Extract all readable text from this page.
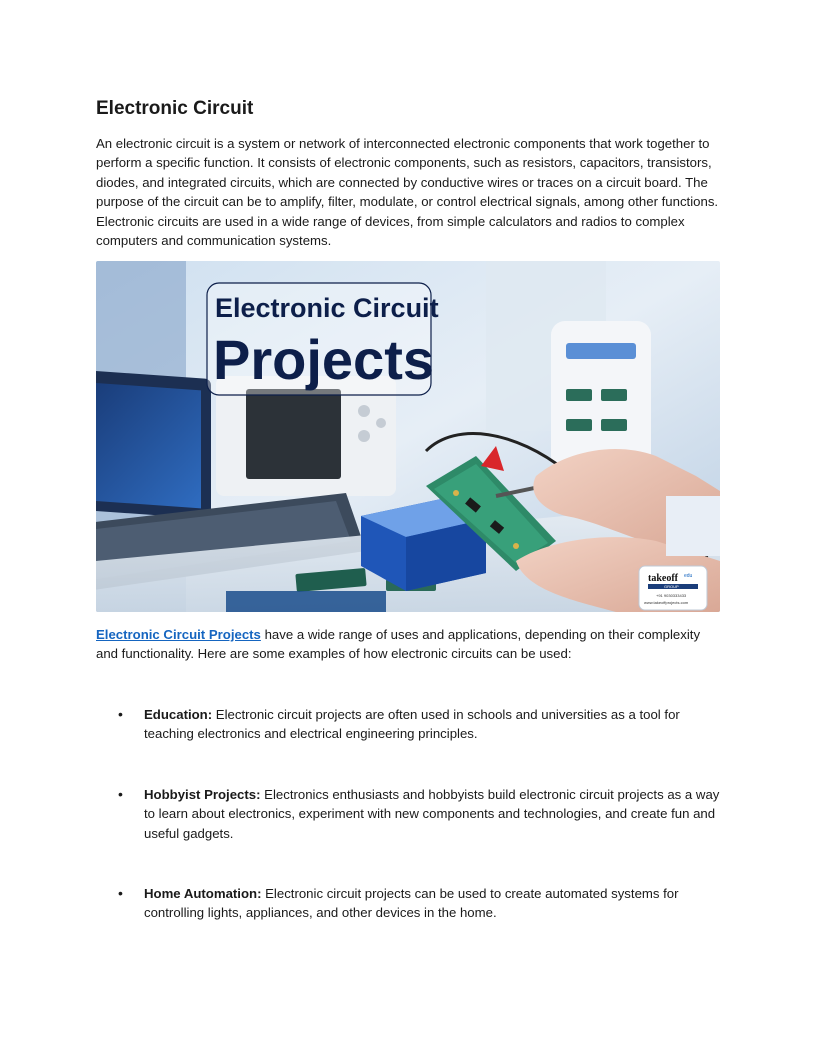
Electronic Circuit

An electronic circuit is a system or network of interconnected electronic components that work together to perform a specific function. It consists of electronic components, such as resistors, capacitors, transistors, diodes, and integrated circuits, which are connected by conductive wires or traces on a circuit board. The purpose of the circuit can be to amplify, filter, modulate, or control electrical signals, among other functions. Electronic circuits are used in a wide range of devices, from simple calculators and radios to complex computers and communication systems.

Electronic Circuit
Projects
takeoff edu
GROUP
+91 9030333433
www.takeoffprojects.com

Electronic Circuit Projects have a wide range of uses and applications, depending on their complexity and functionality. Here are some examples of how electronic circuits can be used:

• Education: Electronic circuit projects are often used in schools and universities as a tool for teaching electronics and electrical engineering principles.
• Hobbyist Projects: Electronics enthusiasts and hobbyists build electronic circuit projects as a way to learn about electronics, experiment with new components and technologies, and create fun and useful gadgets.
• Home Automation: Electronic circuit projects can be used to create automated systems for controlling lights, appliances, and other devices in the home.
